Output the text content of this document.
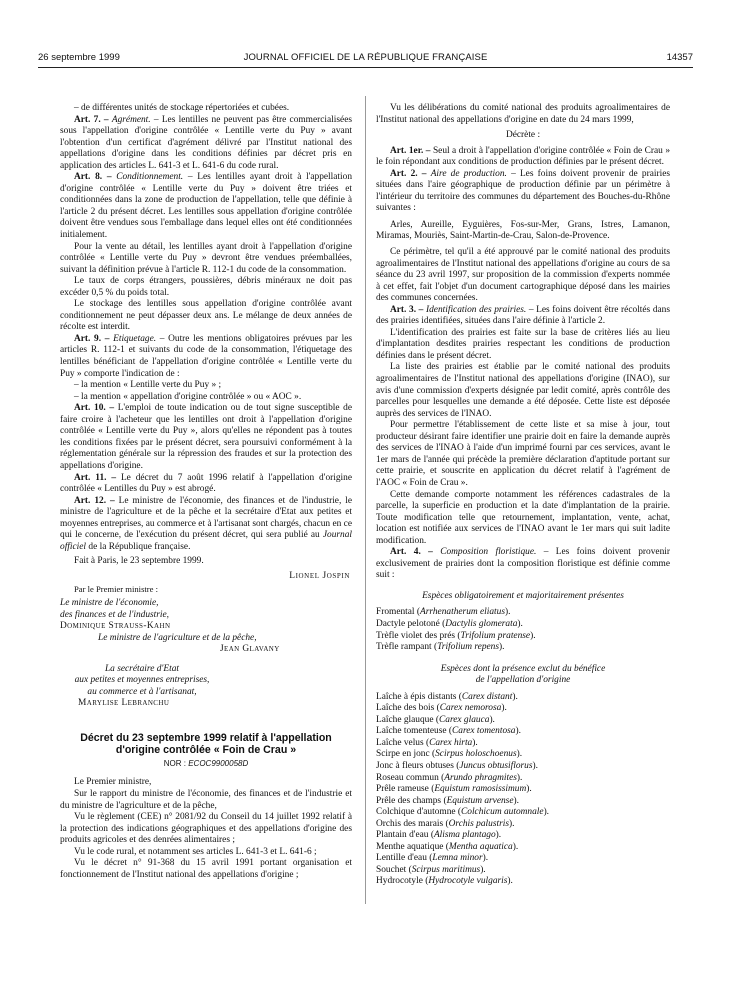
26 septembre 1999	JOURNAL OFFICIEL DE LA RÉPUBLIQUE FRANÇAISE	14357

– de différentes unités de stockage répertoriées et cubées.

Art. 7. – Agrément. – Les lentilles ne peuvent pas être commercialisées sous l'appellation d'origine contrôlée « Lentille verte du Puy » avant l'obtention d'un certificat d'agrément délivré par l'Institut national des appellations d'origine dans les conditions définies par décret pris en application des articles L. 641-3 et L. 641-6 du code rural.

Art. 8. – Conditionnement. – Les lentilles ayant droit à l'appellation d'origine contrôlée « Lentille verte du Puy » doivent être triées et conditionnées dans la zone de production de l'appellation, telle que définie à l'article 2 du présent décret. Les lentilles sous appellation d'origine contrôlée doivent être vendues sous l'emballage dans lequel elles ont été conditionnées initialement.

Pour la vente au détail, les lentilles ayant droit à l'appellation d'origine contrôlée « Lentille verte du Puy » devront être vendues préemballées, suivant la définition prévue à l'article R. 112-1 du code de la consommation.

Le taux de corps étrangers, poussières, débris minéraux ne doit pas excéder 0,5 % du poids total.

Le stockage des lentilles sous appellation d'origine contrôlée avant conditionnement ne peut dépasser deux ans. Le mélange de deux années de récolte est interdit.

Art. 9. – Etiquetage. – Outre les mentions obligatoires prévues par les articles R. 112-1 et suivants du code de la consommation, l'étiquetage des lentilles bénéficiant de l'appellation d'origine contrôlée « Lentille verte du Puy » comporte l'indication de :

– la mention « Lentille verte du Puy » ;

– la mention « appellation d'origine contrôlée » ou « AOC ».

Art. 10. – L'emploi de toute indication ou de tout signe susceptible de faire croire à l'acheteur que les lentilles ont droit à l'appellation d'origine contrôlée « Lentille verte du Puy », alors qu'elles ne répondent pas à toutes les conditions fixées par le présent décret, sera poursuivi conformément à la réglementation générale sur la répression des fraudes et sur la protection des appellations d'origine.

Art. 11. – Le décret du 7 août 1996 relatif à l'appellation d'origine contrôlée « Lentilles du Puy » est abrogé.

Art. 12. – Le ministre de l'économie, des finances et de l'industrie, le ministre de l'agriculture et de la pêche et la secrétaire d'Etat aux petites et moyennes entreprises, au commerce et à l'artisanat sont chargés, chacun en ce qui le concerne, de l'exécution du présent décret, qui sera publié au Journal officiel de la République française.

Fait à Paris, le 23 septembre 1999.

Lionel Jospin
Par le Premier ministre :
Le ministre de l'économie,
des finances et de l'industrie,
Dominique Strauss-Kahn
Le ministre de l'agriculture et de la pêche,
Jean Glavany
La secrétaire d'Etat
aux petites et moyennes entreprises,
au commerce et à l'artisanat,
Marylise Lebranchu
Décret du 23 septembre 1999 relatif à l'appellation d'origine contrôlée « Foin de Crau »
NOR : ECOC9900058D

Le Premier ministre,

Sur le rapport du ministre de l'économie, des finances et de l'industrie et du ministre de l'agriculture et de la pêche,

Vu le règlement (CEE) n° 2081/92 du Conseil du 14 juillet 1992 relatif à la protection des indications géographiques et des appellations d'origine des produits agricoles et des denrées alimentaires ;

Vu le code rural, et notamment ses articles L. 641-3 et L. 641-6 ;

Vu le décret n° 91-368 du 15 avril 1991 portant organisation et fonctionnement de l'Institut national des appellations d'origine ;

Vu les délibérations du comité national des produits agroalimentaires de l'Institut national des appellations d'origine en date du 24 mars 1999,

Décrète :

Art. 1er. – Seul a droit à l'appellation d'origine contrôlée « Foin de Crau » le foin répondant aux conditions de production définies par le présent décret.

Art. 2. – Aire de production. – Les foins doivent provenir de prairies situées dans l'aire géographique de production définie par un périmètre à l'intérieur du territoire des communes du département des Bouches-du-Rhône suivantes :

Arles, Aureille, Eyguières, Fos-sur-Mer, Grans, Istres, Lamanon, Miramas, Mouriès, Saint-Martin-de-Crau, Salon-de-Provence.

Ce périmètre, tel qu'il a été approuvé par le comité national des produits agroalimentaires de l'Institut national des appellations d'origine au cours de sa séance du 23 avril 1997, sur proposition de la commission d'experts nommée à cet effet, fait l'objet d'un document cartographique déposé dans les mairies des communes concernées.

Art. 3. – Identification des prairies. – Les foins doivent être récoltés dans des prairies identifiées, situées dans l'aire définie à l'article 2.

L'identification des prairies est faite sur la base de critères liés au lieu d'implantation desdites prairies respectant les conditions de production définies dans le présent décret.

La liste des prairies est établie par le comité national des produits agroalimentaires de l'Institut national des appellations d'origine (INAO), sur avis d'une commission d'experts désignée par ledit comité, après contrôle des parcelles pour lesquelles une demande a été déposée. Cette liste est déposée auprès des services de l'INAO.

Pour permettre l'établissement de cette liste et sa mise à jour, tout producteur désirant faire identifier une prairie doit en faire la demande auprès des services de l'INAO à l'aide d'un imprimé fourni par ces services, avant le 1er mars de l'année qui précède la première déclaration d'aptitude portant sur cette prairie, et souscrite en application du décret relatif à l'agrément de l'AOC « Foin de Crau ».

Cette demande comporte notamment les références cadastrales de la parcelle, la superficie en production et la date d'implantation de la prairie. Toute modification telle que retournement, implantation, vente, achat, location est notifiée aux services de l'INAO avant le 1er mars qui suit ladite modification.

Art. 4. – Composition floristique. – Les foins doivent provenir exclusivement de prairies dont la composition floristique est définie comme suit :

Espèces obligatoirement et majoritairement présentes
Fromental (Arrhenatherum eliatus).
Dactyle pelotoné (Dactylis glomerata).
Trèfle violet des prés (Trifolium pratense).
Trèfle rampant (Trifolium repens).
Espèces dont la présence exclut du bénéfice
de l'appellation d'origine
Laîche à épis distants (Carex distant).
Laîche des bois (Carex nemorosa).
Laîche glauque (Carex glauca).
Laîche tomenteuse (Carex tomentosa).
Laîche velus (Carex hirta).
Scirpe en jonc (Scirpus holoschoenus).
Jonc à fleurs obtuses (Juncus obtusiflorus).
Roseau commun (Arundo phragmites).
Prêle rameuse (Equistum ramosissimum).
Prêle des champs (Equistum arvense).
Colchique d'automne (Colchicum automnale).
Orchis des marais (Orchis palustris).
Plantain d'eau (Alisma plantago).
Menthe aquatique (Mentha aquatica).
Lentille d'eau (Lemna minor).
Souchet (Scirpus maritimus).
Hydrocotyle (Hydrocotyle vulgaris).
